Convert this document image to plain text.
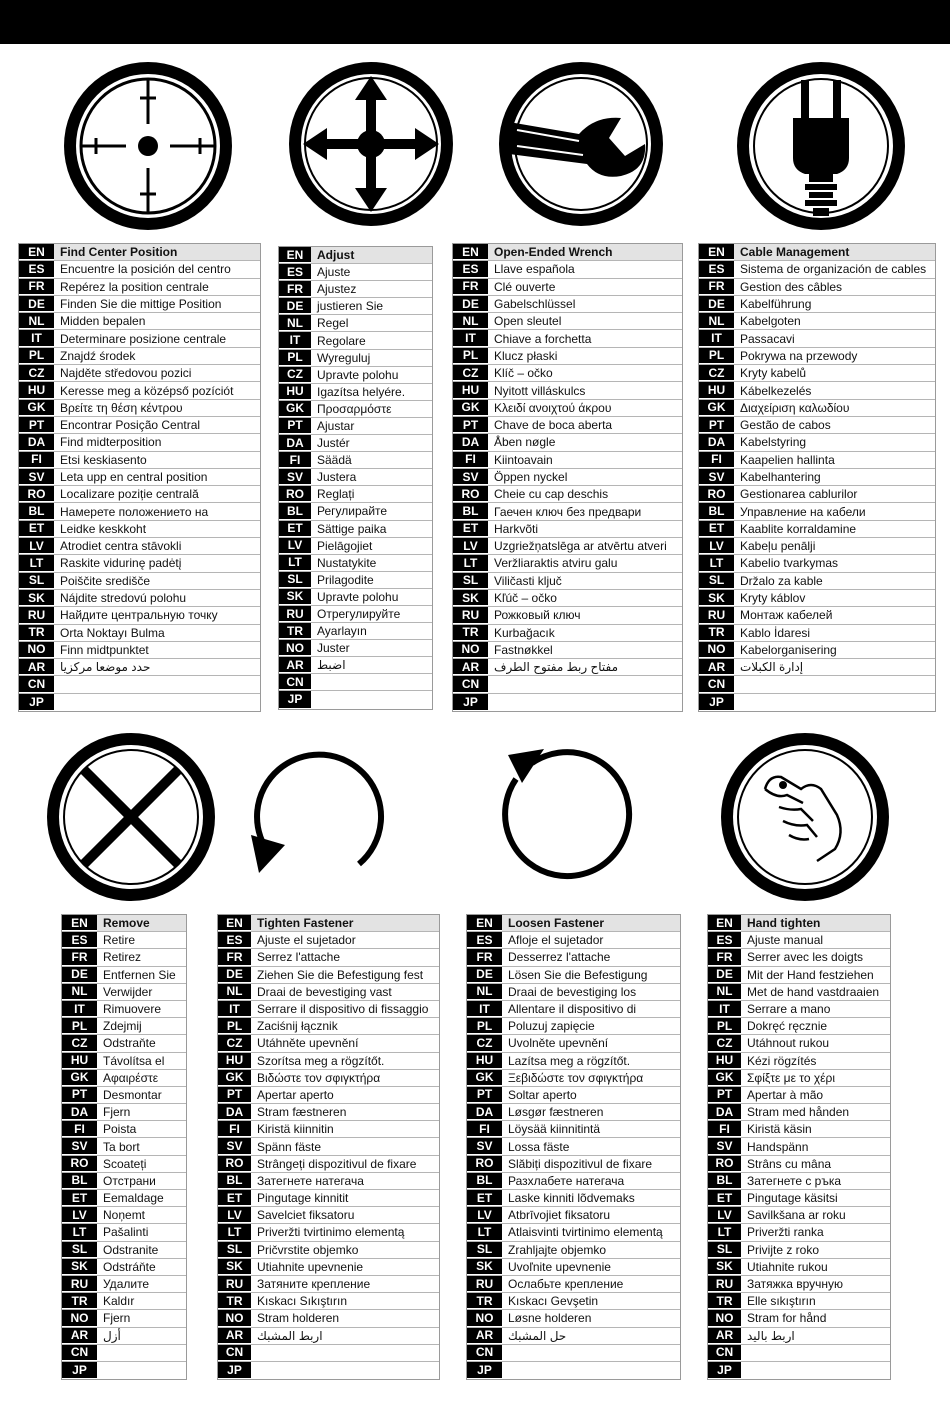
EN	Find Center Position
ES	Encuentre la posición del centro
FR	Repérez la position centrale
DE	Finden Sie die mittige Position
NL	Midden bepalen
IT	Determinare posizione centrale
PL	Znajdź środek
CZ	Najděte středovou pozici
HU	Keresse meg a középső pozíciót
GK	Βρείτε τη θέση κέντρου
PT	Encontrar Posição Central
DA	Find midterposition
FI	Etsi keskiasento
SV	Leta upp en central position
RO	Localizare poziție centrală
BL	Намерете положението на
ET	Leidke keskkoht
LV	Atrodiet centra stāvokli
LT	Raskite vidurinę padėtį
SL	Poiščite središče
SK	Nájdite stredovú polohu
RU	Найдите центральную точку
TR	Orta Noktayı Bulma
NO	Finn midtpunktet
AR	حدد موضعا مركزيا
CN
JP
EN	Adjust
ES	Ajuste
FR	Ajustez
DE	justieren Sie
NL	Regel
IT	Regolare
PL	Wyreguluj
CZ	Upravte polohu
HU	Igazítsa helyére.
GK	Προσαρμόστε
PT	Ajustar
DA	Justér
FI	Säädä
SV	Justera
RO	Reglați
BL	Регулирайте
ET	Sättige paika
LV	Pielāgojiet
LT	Nustatykite
SL	Prilagodite
SK	Upravte polohu
RU	Отрегулируйте
TR	Ayarlayın
NO	Juster
AR	اضبط
CN
JP
EN	Open-Ended Wrench
ES	Llave española
FR	Clé ouverte
DE	Gabelschlüssel
NL	Open sleutel
IT	Chiave a forchetta
PL	Klucz płaski
CZ	Klíč – očko
HU	Nyitott villáskulcs
GK	Κλειδί ανοιχτού άκρου
PT	Chave de boca aberta
DA	Åben nøgle
FI	Kiintoavain
SV	Öppen nyckel
RO	Cheie cu cap deschis
BL	Гаечен ключ без предвари
ET	Harkvõti
LV	Uzgriežņatslēga ar atvērtu atveri
LT	Veržliaraktis atviru galu
SL	Viličasti ključ
SK	Kľúč – očko
RU	Рожковый ключ
TR	Kurbağacık
NO	Fastnøkkel
AR	مفتاح ربط مفتوح الطرف
CN
JP
EN	Cable Management
ES	Sistema de organización de cables
FR	Gestion des câbles
DE	Kabelführung
NL	Kabelgoten
IT	Passacavi
PL	Pokrywa na przewody
CZ	Kryty kabelů
HU	Kábelkezelés
GK	Διαχείριση καλωδίου
PT	Gestão de cabos
DA	Kabelstyring
FI	Kaapelien hallinta
SV	Kabelhantering
RO	Gestionarea cablurilor
BL	Управление на кабели
ET	Kaablite korraldamine
LV	Kabeļu penālji
LT	Kabelio tvarkymas
SL	Držalo za kable
SK	Kryty káblov
RU	Монтаж кабелей
TR	Kablo İdaresi
NO	Kabelorganisering
AR	إدارة الكبلات
CN
JP
EN	Remove
ES	Retire
FR	Retirez
DE	Entfernen Sie
NL	Verwijder
IT	Rimuovere
PL	Zdejmij
CZ	Odstraňte
HU	Távolítsa el
GK	Αφαιρέστε
PT	Desmontar
DA	Fjern
FI	Poista
SV	Ta bort
RO	Scoateți
BL	Отстрани
ET	Eemaldage
LV	Noņemt
LT	Pašalinti
SL	Odstranite
SK	Odstráňte
RU	Удалите
TR	Kaldır
NO	Fjern
AR	أزل
CN
JP
EN	Tighten Fastener
ES	Ajuste el sujetador
FR	Serrez l'attache
DE	Ziehen Sie die Befestigung fest
NL	Draai de bevestiging vast
IT	Serrare il dispositivo di fissaggio
PL	Zaciśnij łącznik
CZ	Utáhněte upevnění
HU	Szorítsa meg a rögzítőt.
GK	Βιδώστε τον σφιγκτήρα
PT	Apertar aperto
DA	Stram fæstneren
FI	Kiristä kiinnitin
SV	Spänn fäste
RO	Strângeți dispozitivul de fixare
BL	Затегнете натегача
ET	Pingutage kinnitit
LV	Savelciet fiksatoru
LT	Priveržti tvirtinimo elementą
SL	Pričvrstite objemko
SK	Utiahnite upevnenie
RU	Затяните крепление
TR	Kıskacı Sıkıştırın
NO	Stram holderen
AR	اربط المشبك
CN
JP
EN	Loosen Fastener
ES	Afloje el sujetador
FR	Desserrez l'attache
DE	Lösen Sie die Befestigung
NL	Draai de bevestiging los
IT	Allentare il dispositivo di
PL	Poluzuj zapięcie
CZ	Uvolněte upevnění
HU	Lazítsa meg a rögzítőt.
GK	Ξεβιδώστε τον σφιγκτήρα
PT	Soltar aperto
DA	Løsgør fæstneren
FI	Löysää kiinnitintä
SV	Lossa fäste
RO	Slăbiți dispozitivul de fixare
BL	Разхлабете натегача
ET	Laske kinniti lõdvemaks
LV	Atbrīvojiet fiksatoru
LT	Atlaisvinti tvirtinimo elementą
SL	Zrahljajte objemko
SK	Uvoľnite upevnenie
RU	Ослабьте крепление
TR	Kıskacı Gevşetin
NO	Løsne holderen
AR	حل المشبك
CN
JP
EN	Hand tighten
ES	Ajuste manual
FR	Serrer avec les doigts
DE	Mit der Hand festziehen
NL	Met de hand vastdraaien
IT	Serrare a mano
PL	Dokręć ręcznie
CZ	Utáhnout rukou
HU	Kézi rögzítés
GK	Σφίξτε με το χέρι
PT	Apertar à mão
DA	Stram med hånden
FI	Kiristä käsin
SV	Handspänn
RO	Strâns cu mâna
BL	Затегнете с ръка
ET	Pingutage käsitsi
LV	Savilkšana ar roku
LT	Priveržti ranka
SL	Privijte z roko
SK	Utiahnite rukou
RU	Затяжка вручную
TR	Elle sıkıştırın
NO	Stram for hånd
AR	اربط باليد
CN
JP
